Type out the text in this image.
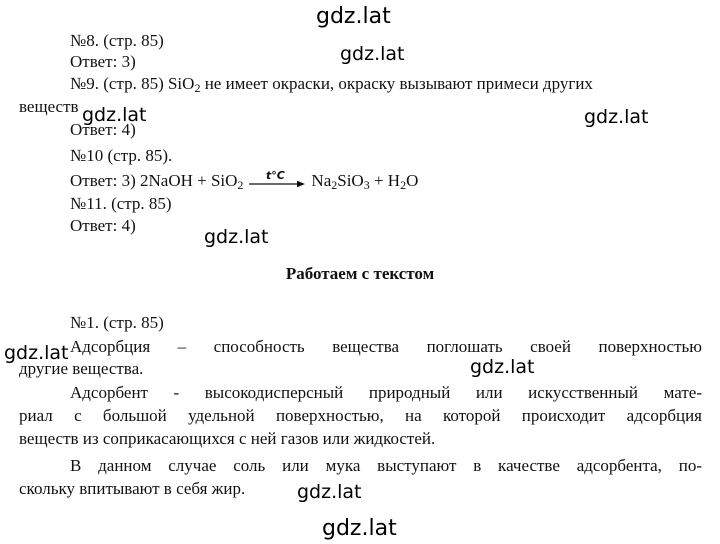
gdz.lat
gdz.lat
gdz.lat	gdz.lat
gdz.lat
gdz.lat
gdz.lat
gdz.lat
gdz.lat
№8. (стр. 85)
Ответ: 3)
№9. (стр. 85) SiO$_2$ не имеет окраски, окраску вызывают примеси других
веществ
Ответ: 4)
№10 (стр. 85).
Ответ: 3) 2NaOH + SiO$_2$
t°C	$Na_2SiO_3 + H_2O$
№11. (стр. 85)
Ответ: 4)
Работаем с текстом
№1. (стр. 85)
Адсорбция – способность вещества поглошать своей поверхностью
другие вещества.
Адсорбент - высокодисперсный природный или искусственный мате-
риал с большой удельной поверхностью, на которой происходит адсорбция
веществ из соприкасающихся с ней газов или жидкостей.
В данном случае соль или мука выступают в качестве адсорбента, по-
скольку впитывают в себя жир.
